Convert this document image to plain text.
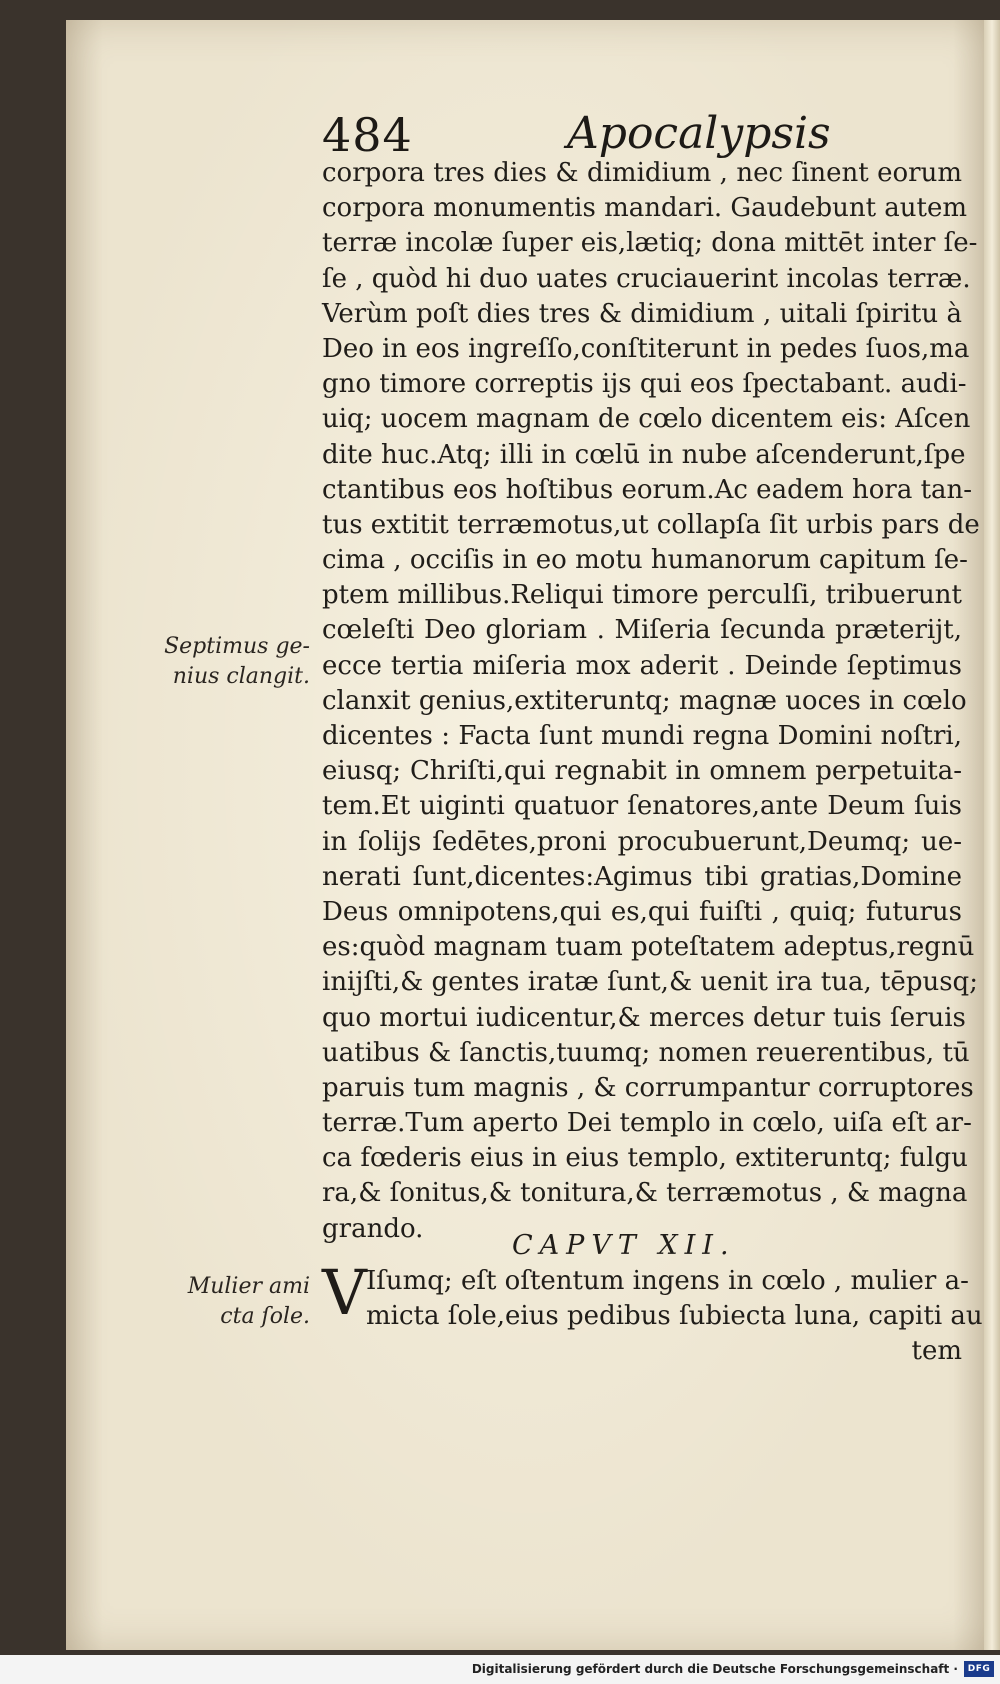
484	Apocalypsis
corpora tres dies & dimidium , nec ſinent eorum
corpora monumentis mandari. Gaudebunt autem
terræ incolæ ſuper eis,lætiq; dona mittēt inter ſe-
ſe , quòd hi duo uates cruciauerint incolas terræ.
Verùm poſt dies tres & dimidium , uitali ſpiritu à
Deo in eos ingreſſo,conſtiterunt in pedes ſuos,ma
gno timore correptis ijs qui eos ſpectabant. audi-
uiq; uocem magnam de cœlo dicentem eis: Aſcen
dite huc.Atq; illi in cœlū in nube aſcenderunt,ſpe
ctantibus eos hoſtibus eorum.Ac eadem hora tan-
tus extitit terræmotus,ut collapſa ſit urbis pars de
cima , occiſis in eo motu humanorum capitum ſe-
ptem millibus.Reliqui timore perculſi, tribuerunt
cœleſti Deo gloriam . Miſeria ſecunda præterijt,
ecce tertia miſeria mox aderit . Deinde ſeptimus
clanxit genius,extiteruntq; magnæ uoces in cœlo
dicentes : Facta ſunt mundi regna Domini noſtri,
eiusq; Chriſti,qui regnabit in omnem perpetuita-
tem.Et uiginti quatuor ſenatores,ante Deum ſuis
in ſolijs ſedētes,proni procubuerunt,Deumq; ue-
nerati ſunt,dicentes:Agimus tibi gratias,Domine
Deus omnipotens,qui es,qui fuiſti , quiq; futurus
es:quòd magnam tuam poteſtatem adeptus,regnū
inijſti,& gentes iratæ ſunt,& uenit ira tua, tēpusq;
quo mortui iudicentur,& merces detur tuis ſeruis
uatibus & ſanctis,tuumq; nomen reuerentibus, tū
paruis tum magnis , & corrumpantur corruptores
terræ.Tum aperto Dei templo in cœlo, uiſa eſt ar-
ca fœderis eius in eius templo, extiteruntq; fulgu
ra,& ſonitus,& tonitura,& terræmotus , & magna
grando.
CAPVT XII.
V Iſumq; eſt oſtentum ingens in cœlo , mulier a-
micta ſole,eius pedibus ſubiecta luna, capiti au
tem
Septimus ge-
nius clangit.
Mulier ami
cta ſole.
Digitalisierung gefördert durch die Deutsche Forschungsgemeinschaft ·	DFG
